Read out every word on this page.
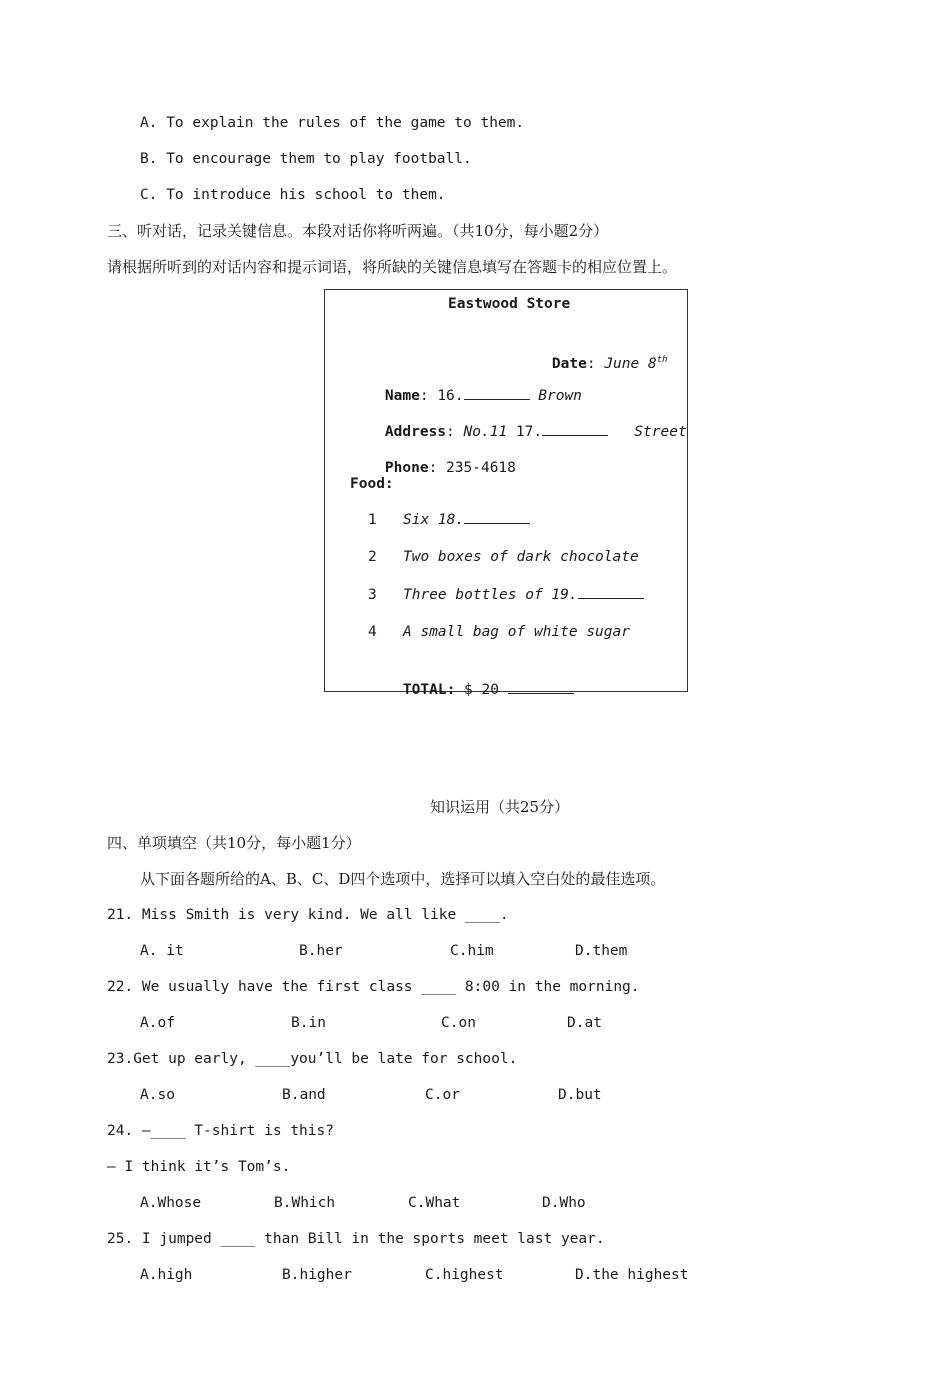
A. To explain the rules of the game to them.
B. To encourage them to play football.
C. To introduce his school to them.
三、听对话，记录关键信息。本段对话你将听两遍。（共10分，每小题2分）
请根据所听到的对话内容和提示词语，将所缺的关键信息填写在答题卡的相应位置上。
Eastwood Store

Date: June 8th

Name: 16.	Brown

Address: No.11 17.	Street

Phone: 235-4618

Food:
1 Six 18.
2 Two boxes of dark chocolate
3 Three bottles of 19.
4 A small bag of white sugar

TOTAL: $ 20

知识运用（共25分）
四、单项填空（共10分，每小题1分）
从下面各题所给的A、B、C、D四个选项中，选择可以填入空白处的最佳选项。
21. Miss Smith is very kind. We all like ____.
A. it	B.her	C.him	D.them
22. We usually have the first class ____ 8:00 in the morning.
A.of	B.in	C.on	D.at
23.Get up early, ____you’ll be late for school.
A.so	B.and	C.or	D.but
24. —____ T-shirt is this?
— I think it’s Tom’s.
A.Whose	B.Which	C.What	D.Who
25. I jumped ____ than Bill in the sports meet last year.
A.high	B.higher	C.highest	D.the highest
